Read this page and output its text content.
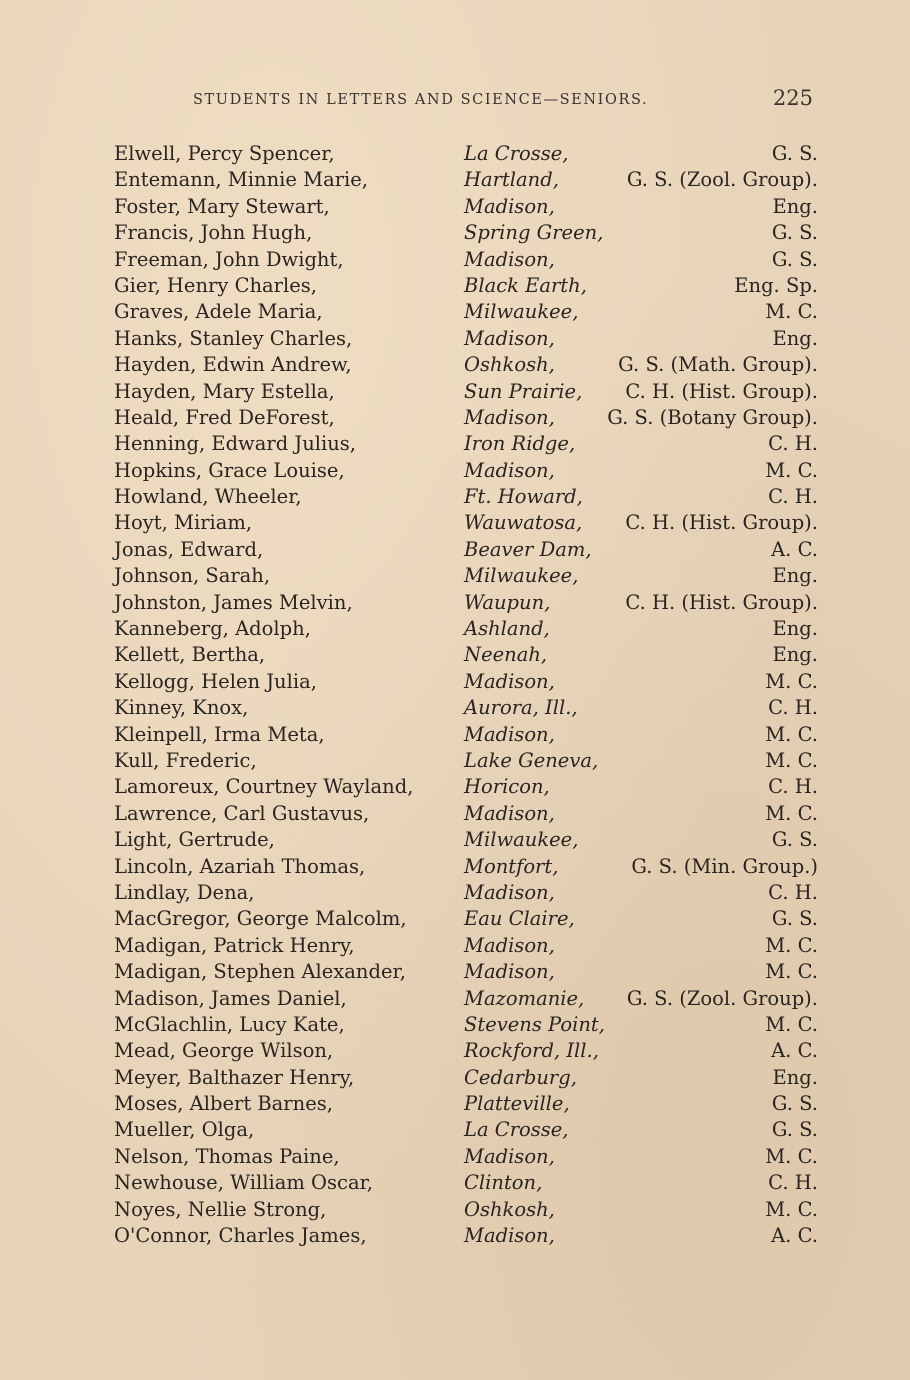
STUDENTS IN LETTERS AND SCIENCE—SENIORS.	225
Elwell, Percy Spencer,	La Crosse,	G. S.
Entemann, Minnie Marie,	Hartland,	G. S. (Zool. Group).
Foster, Mary Stewart,	Madison,	Eng.
Francis, John Hugh,	Spring Green,	G. S.
Freeman, John Dwight,	Madison,	G. S.
Gier, Henry Charles,	Black Earth,	Eng. Sp.
Graves, Adele Maria,	Milwaukee,	M. C.
Hanks, Stanley Charles,	Madison,	Eng.
Hayden, Edwin Andrew,	Oshkosh,	G. S. (Math. Group).
Hayden, Mary Estella,	Sun Prairie, C. H. (Hist. Group).
Heald, Fred DeForest,	Madison,	G. S. (Botany Group).
Henning, Edward Julius,	Iron Ridge,	C. H.
Hopkins, Grace Louise,	Madison,	M. C.
Howland, Wheeler,	Ft. Howard,	C. H.
Hoyt, Miriam,	Wauwatosa, C. H. (Hist. Group).
Jonas, Edward,	Beaver Dam,	A. C.
Johnson, Sarah,	Milwaukee,	Eng.
Johnston, James Melvin,	Waupun,	C. H. (Hist. Group).
Kanneberg, Adolph,	Ashland,	Eng.
Kellett, Bertha,	Neenah,	Eng.
Kellogg, Helen Julia,	Madison,	M. C.
Kinney, Knox,	Aurora, Ill.,	C. H.
Kleinpell, Irma Meta,	Madison,	M. C.
Kull, Frederic,	Lake Geneva,	M. C.
Lamoreux, Courtney Wayland,	Horicon,	C. H.
Lawrence, Carl Gustavus,	Madison,	M. C.
Light, Gertrude,	Milwaukee,	G. S.
Lincoln, Azariah Thomas,	Montfort,	G. S. (Min. Group.)
Lindlay, Dena,	Madison,	C. H.
MacGregor, George Malcolm,	Eau Claire,	G. S.
Madigan, Patrick Henry,	Madison,	M. C.
Madigan, Stephen Alexander,	Madison,	M. C.
Madison, James Daniel,	Mazomanie, G. S. (Zool. Group).
McGlachlin, Lucy Kate,	Stevens Point,	M. C.
Mead, George Wilson,	Rockford, Ill.,	A. C.
Meyer, Balthazer Henry,	Cedarburg,	Eng.
Moses, Albert Barnes,	Platteville,	G. S.
Mueller, Olga,	La Crosse,	G. S.
Nelson, Thomas Paine,	Madison,	M. C.
Newhouse, William Oscar,	Clinton,	C. H.
Noyes, Nellie Strong,	Oshkosh,	M. C.
O'Connor, Charles James,	Madison,	A. C.
